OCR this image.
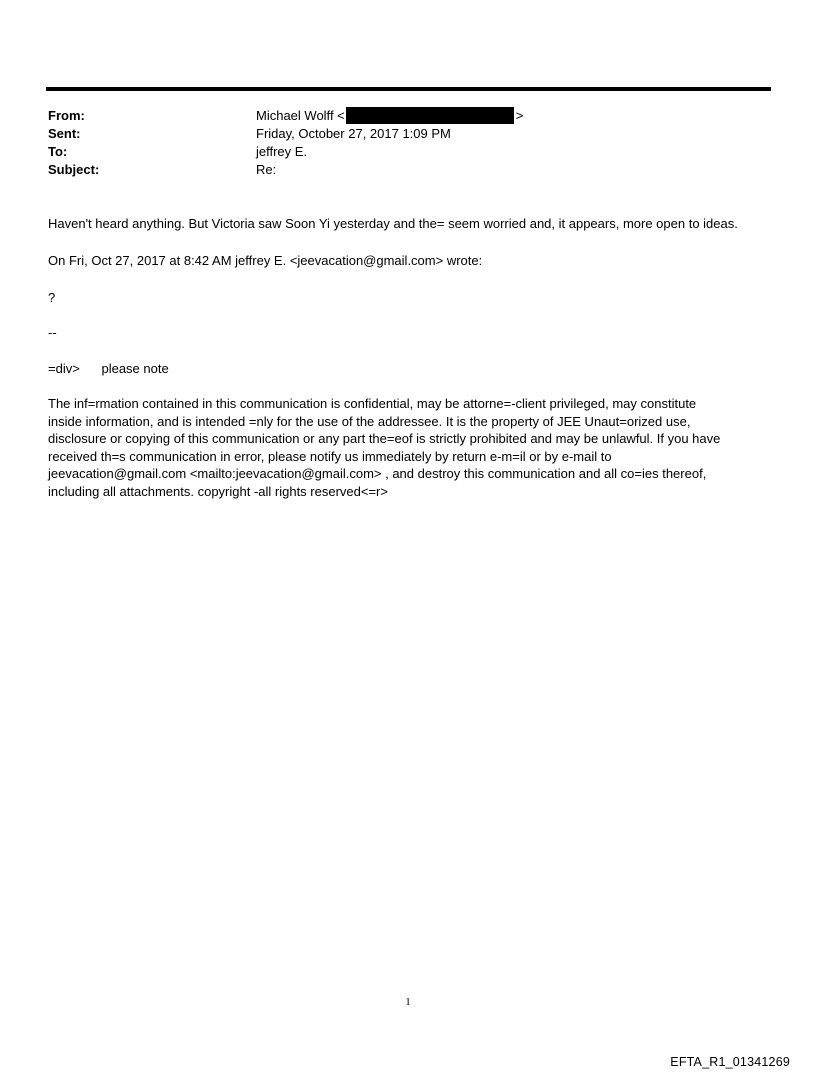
From:	Michael Wolff <	>
Sent:	Friday, October 27, 2017 1:09 PM
To:	jeffrey E.
Subject:	Re:
Haven't heard anything. But Victoria saw Soon Yi yesterday and the= seem worried and, it appears, more open to ideas.
On Fri, Oct 27, 2017 at 8:42 AM jeffrey E. <jeevacation@gmail.com> wrote:
?
--
=div>      please note
The inf=rmation contained in this communication is confidential, may be attorne=-client privileged, may constitute
inside information, and is intended =nly for the use of the addressee. It is the property of JEE Unaut=orized use,
disclosure or copying of this communication or any part the=eof is strictly prohibited and may be unlawful. If you have
received th=s communication in error, please notify us immediately by return e-m=il or by e-mail to
jeevacation@gmail.com <mailto:jeevacation@gmail.com> , and destroy this communication and all co=ies thereof,
including all attachments. copyright -all rights reserved<=r>
1
EFTA_R1_01341269
